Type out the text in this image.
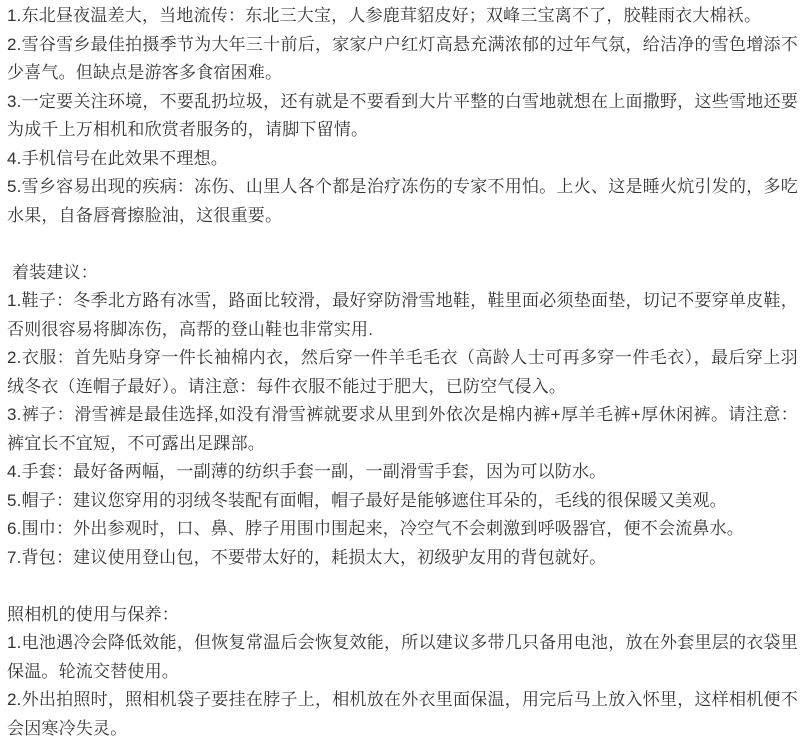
1.东北昼夜温差大，当地流传：东北三大宝，人参鹿茸貂皮好；双峰三宝离不了，胶鞋雨衣大棉袄。

2.雪谷雪乡最佳拍摄季节为大年三十前后，家家户户红灯高悬充满浓郁的过年气氛，给洁净的雪色增添不少喜气。但缺点是游客多食宿困难。

3.一定要关注环境，不要乱扔垃圾，还有就是不要看到大片平整的白雪地就想在上面撒野，这些雪地还要为成千上万相机和欣赏者服务的，请脚下留情。

4.手机信号在此效果不理想。

5.雪乡容易出现的疾病：冻伤、山里人各个都是治疗冻伤的专家不用怕。上火、这是睡火炕引发的，多吃水果，自备唇膏擦脸油，这很重要。

着装建议：

1.鞋子：冬季北方路有冰雪，路面比较滑，最好穿防滑雪地鞋，鞋里面必须垫面垫，切记不要穿单皮鞋，否则很容易将脚冻伤，高帮的登山鞋也非常实用.

2.衣服：首先贴身穿一件长袖棉内衣，然后穿一件羊毛毛衣（高龄人士可再多穿一件毛衣），最后穿上羽绒冬衣（连帽子最好）。请注意：每件衣服不能过于肥大，已防空气侵入。

3.裤子：滑雪裤是最佳选择,如没有滑雪裤就要求从里到外依次是棉内裤+厚羊毛裤+厚休闲裤。请注意：裤宜长不宜短，不可露出足踝部。

4.手套：最好备两幅，一副薄的纺织手套一副，一副滑雪手套，因为可以防水。

5.帽子：建议您穿用的羽绒冬装配有面帽，帽子最好是能够遮住耳朵的，毛线的很保暖又美观。

6.围巾：外出参观时，口、鼻、脖子用围巾围起来，冷空气不会刺激到呼吸器官，便不会流鼻水。

7.背包：建议使用登山包，不要带太好的，耗损太大，初级驴友用的背包就好。

照相机的使用与保养：

1.电池遇冷会降低效能，但恢复常温后会恢复效能，所以建议多带几只备用电池，放在外套里层的衣袋里保温。轮流交替使用。

2.外出拍照时，照相机袋子要挂在脖子上，相机放在外衣里面保温，用完后马上放入怀里，这样相机便不会因寒冷失灵。
